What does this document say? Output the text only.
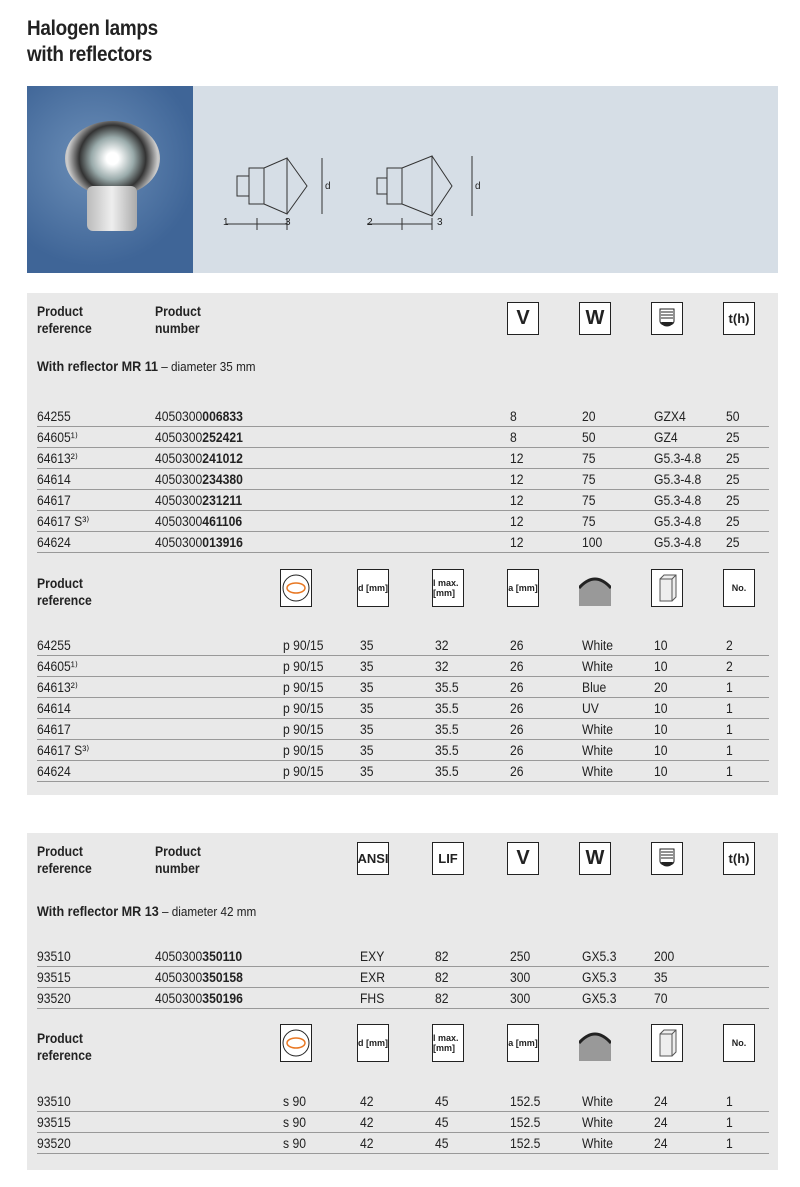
Halogen lamps
with reflectors
1	3
d
2	3
d
Product
reference
Product
number	V	W	t(h)
With reflector MR 11 – diameter 35 mm
64255	4050300006833	8	20	GZX4	50
64605¹⁾	4050300252421	8	50	GZ4	25
64613²⁾	4050300241012	12	75	G5.3-4.8 25
64614	4050300234380	12	75	G5.3-4.8 25
64617	4050300231211	12	75	G5.3-4.8 25
64617 S³⁾	4050300461106	12	75	G5.3-4.8 25
64624	4050300013916	12	100	G5.3-4.8 25
Product
reference
d [mm]	l max. [mm]	a [mm]	No.
64255	p 90/15	35	32	26	White	10	2
64605¹⁾	p 90/15	35	32	26	White	10	2
64613²⁾	p 90/15	35	35.5	26	Blue	20	1
64614	p 90/15	35	35.5	26	UV	10	1
64617	p 90/15	35	35.5	26	White	10	1
64617 S³⁾	p 90/15	35	35.5	26	White	10	1
64624	p 90/15	35	35.5	26	White	10	1
Product
reference
Product
number
ANSI	LIF	V	W	t(h)
With reflector MR 13 – diameter 42 mm
93510	4050300350110	EXY	82	250	GX5.3	200
93515	4050300350158	EXR	82	300	GX5.3	35
93520	4050300350196	FHS	82	300	GX5.3	70
Product
reference
d [mm]	l max. [mm]	a [mm]	No.
93510	s 90	42	45	152.5	White	24	1
93515	s 90	42	45	152.5	White	24	1
93520	s 90	42	45	152.5	White	24	1
